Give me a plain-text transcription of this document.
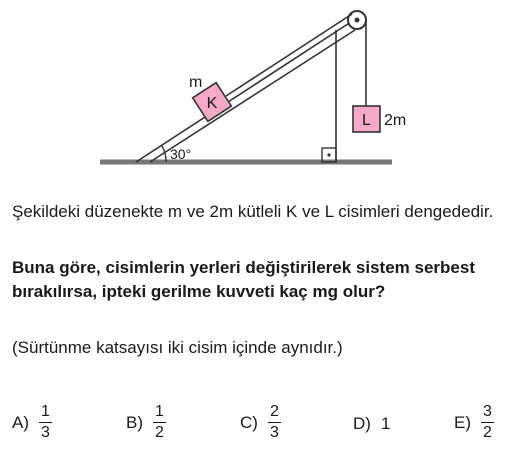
30°
K
m
L 2m
Şekildeki düzenekte m ve 2m kütleli K ve L cisimleri dengededir.
Buna göre, cisimlerin yerleri değiştirilerek sistem serbest bırakılırsa, ipteki gerilme kuvveti kaç mg olur?
(Sürtünme katsayısı iki cisim içinde aynıdır.)
$A) \frac{1}{3}$	$B) \frac{1}{2}$	$C) \frac{2}{3}$	D) 1	$E) \frac{3}{2}$
